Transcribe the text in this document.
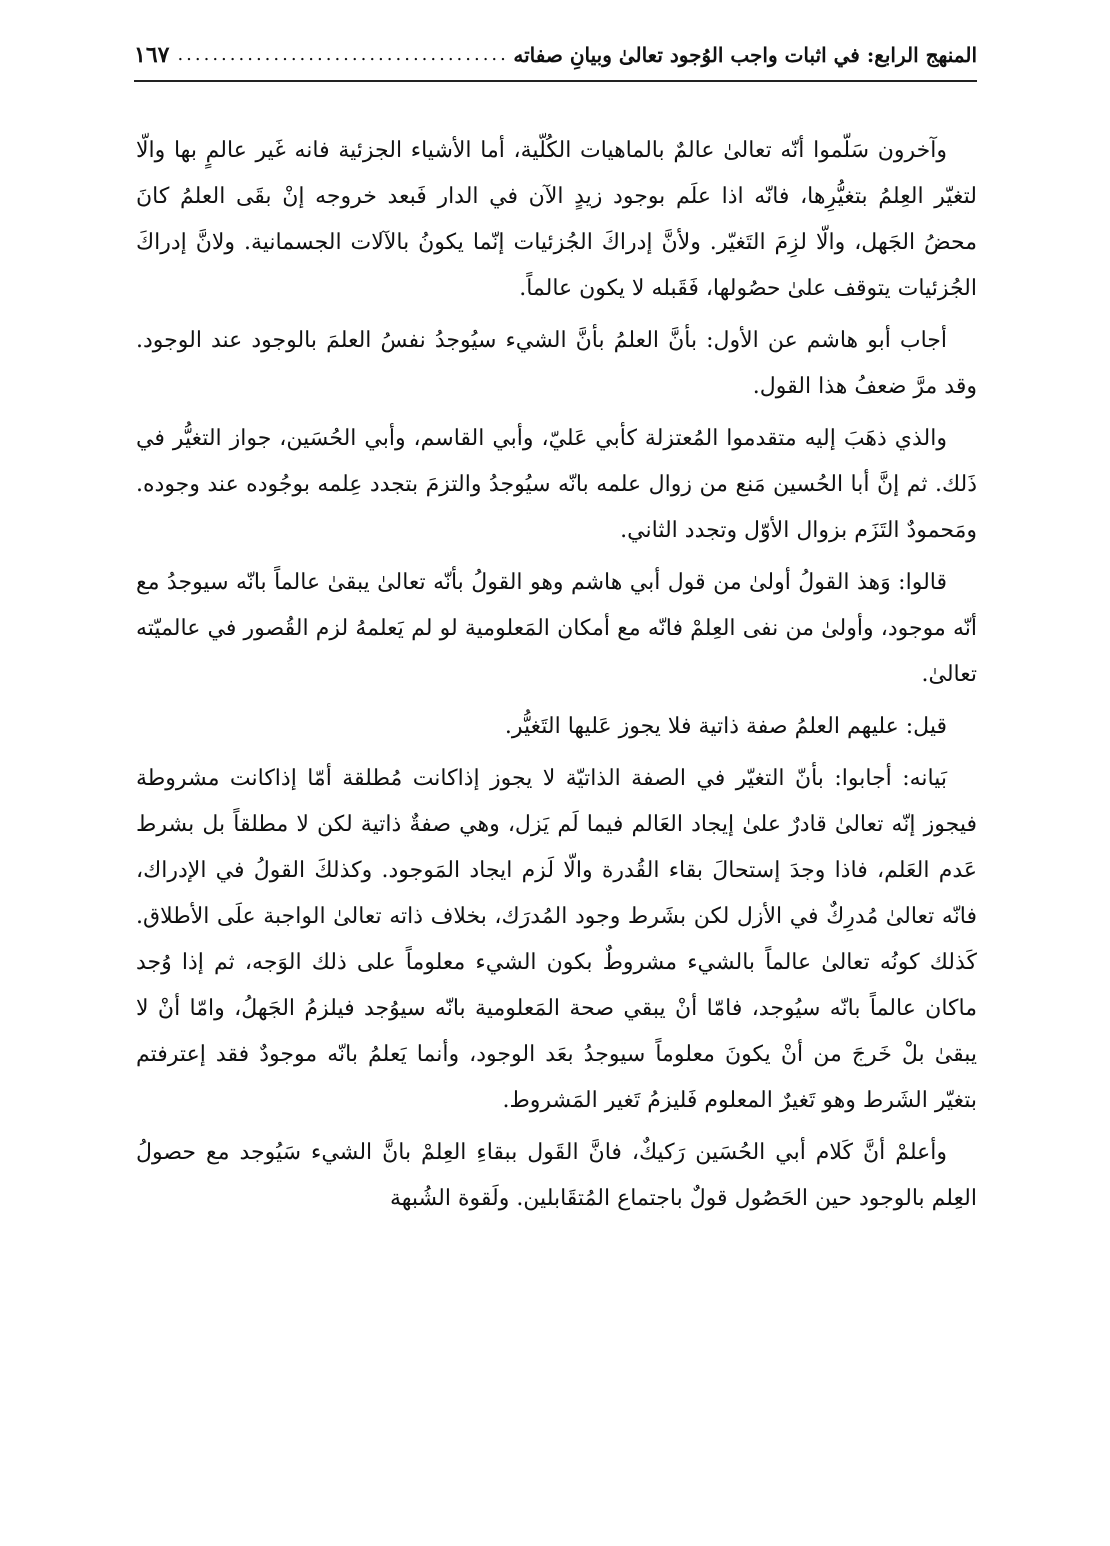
المنهج الرابع: في اثبات واجب الوُجود تعالىٰ وبيانِ صفاته
.....
١٦٧

وآخرون سَلّموا أنّه تعالىٰ عالمٌ بالماهيات الكُلّية، أما الأشياء الجزئية فانه غَير عالمٍ بها والّا لتغيّر العِلمُ بتغيُّرِها، فانّه اذا علَم بوجود زيدٍ الآن في الدار فَبعد خروجه إنْ بقَى العلمُ كانَ محضُ الجَهل، والّا لزِمَ التَغيّر. ولأنَّ إدراكَ الجُزئيات إنّما يكونُ بالآلات الجسمانية. ولانَّ إدراكَ الجُزئيات يتوقف علىٰ حصُولها، فَقَبله لا يكون عالماً.

أجاب أبو هاشم عن الأول: بأنَّ العلمُ بأنَّ الشيء سيُوجدُ نفسُ العلمَ بالوجود عند الوجود. وقد مرَّ ضعفُ هذا القول.

والذي ذهَبَ إليه متقدموا المُعتزلة كأبي عَليّ، وأبي القاسم، وأبي الحُسَين، جواز التغيُّر في ذَلك. ثم إنَّ أبا الحُسين مَنع من زوال علمه بانّه سيُوجدُ والتزمَ بتجدد عِلمه بوجُوده عند وجوده. ومَحمودٌ التَزَم بزوال الأوّل وتجدد الثاني.

قالوا: وَهذ القولُ أولىٰ من قول أبي هاشم وهو القولُ بأنّه تعالىٰ يبقىٰ عالماً بانّه سيوجدُ مع أنّه موجود، وأولىٰ من نفى العِلمْ فانّه مع أمكان المَعلومية لو لم يَعلمهُ لزم القُصور في عالميّته تعالىٰ.

قيل: عليهم العلمُ صفة ذاتية فلا يجوز عَليها التَغيُّر.

بَيانه: أجابوا: بأنّ التغيّر في الصفة الذاتيّة لا يجوز إذاكانت مُطلقة أمّا إذاكانت مشروطة فيجوز إنّه تعالىٰ قادرٌ علىٰ إيجاد العَالم فيما لَم يَزل، وهي صفةٌ ذاتية لكن لا مطلقاً بل بشرط عَدم العَلم، فاذا وجدَ إستحالَ بقاء القُدرة والّا لَزم ايجاد المَوجود. وكذلكَ القولُ في الإدراك، فانّه تعالىٰ مُدرِكٌ في الأزل لكن بشَرط وجود المُدرَك، بخلاف ذاته تعالىٰ الواجبة علَى الأطلاق. كَذلك كونُه تعالىٰ عالماً بالشيء مشروطٌ بكون الشيء معلوماً على ذلك الوَجه، ثم إذا وُجد ماكان عالماً بانّه سيُوجد، فامّا أنْ يبقي صحة المَعلومية بانّه سيوُجد فيلزمُ الجَهلُ، وامّا أنْ لا يبقىٰ بلْ خَرجَ من أنْ يكونَ معلوماً سيوجدُ بعَد الوجود، وأنما يَعلمُ بانّه موجودٌ فقد إعترفتم بتغيّر الشَرط وهو تَغيرٌ المعلوم فَليزمُ تَغير المَشروط.

وأعلمْ أنَّ كَلام أبي الحُسَين رَكيكٌ، فانَّ القَول ببقاءِ العِلمْ بانَّ الشيء سَيُوجد مع حصولُ العِلم بالوجود حين الحَصُول قولٌ باجتماع المُتقَابلين. ولَقوة الشُبهة
